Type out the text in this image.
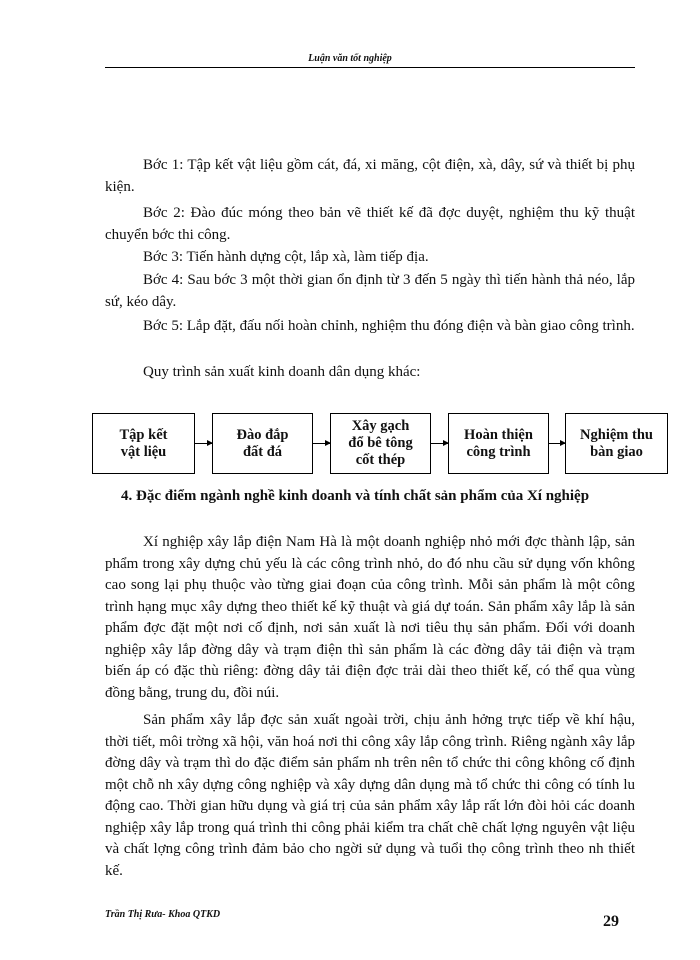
Luận văn tốt nghiệp

Bớc 1: Tập kết vật liệu gồm cát, đá, xi măng, cột điện, xà, dây, sứ và thiết bị phụ kiện.

Bớc 2: Đào đúc móng theo bản vẽ thiết kế đã đợc duyệt, nghiệm thu kỹ thuật chuyển bớc thi công.

Bớc 3: Tiến hành dựng cột, lắp xà, làm tiếp địa.

Bớc 4: Sau bớc 3 một thời gian ổn định từ 3 đến 5 ngày thì tiến hành thả néo, lắp sứ, kéo dây.

Bớc 5: Lắp đặt, đấu nối hoàn chỉnh, nghiệm thu đóng điện và bàn giao công trình.

Quy trình sản xuất kinh doanh dân dụng khác:

Tập kết
vật liệu
Đào đắp
đất đá
Xây gạch
đổ bê tông
cốt thép
Hoàn thiện
công trình
Nghiệm thu
bàn giao

4. Đặc điểm ngành nghề kinh doanh và tính chất sản phẩm của Xí nghiệp

Xí nghiệp xây lắp điện Nam Hà là một doanh nghiệp nhỏ mới đợc thành lập, sản phẩm trong xây dựng chủ yếu là các công trình nhỏ, do đó nhu cầu sử dụng vốn không cao song lại phụ thuộc vào từng giai đoạn của công trình. Mỗi sản phẩm là một công trình hạng mục xây dựng theo thiết kế kỹ thuật và giá dự toán. Sản phẩm xây lắp là sản phẩm đợc đặt một nơi cố định, nơi sản xuất là nơi tiêu thụ sản phẩm. Đối với doanh nghiệp xây lắp đờng dây và trạm điện thì sản phẩm là các đờng dây tải điện và trạm biến áp có đặc thù riêng: đờng dây tải điện đợc trải dài theo thiết kế, có thể qua vùng đồng bằng, trung du, đồi núi.

Sản phẩm xây lắp đợc sản xuất ngoài trời, chịu ảnh hởng trực tiếp về khí hậu, thời tiết, môi trờng xã hội, văn hoá nơi thi công xây lắp công trình. Riêng ngành xây lắp đờng dây và trạm thì do đặc điểm sản phẩm nh trên nên tổ chức thi công không cố định một chỗ nh xây dựng công nghiệp và xây dựng dân dụng mà tổ chức thi công có tính lu động cao. Thời gian hữu dụng và giá trị của sản phẩm xây lắp rất lớn đòi hỏi các doanh nghiệp xây lắp trong quá trình thi công phải kiểm tra chất chẽ chất lợng nguyên vật liệu và chất lợng công trình đảm bảo cho ngời sử dụng và tuổi thọ công trình theo nh thiết kế.

Trần Thị Rưa- Khoa QTKD	29
